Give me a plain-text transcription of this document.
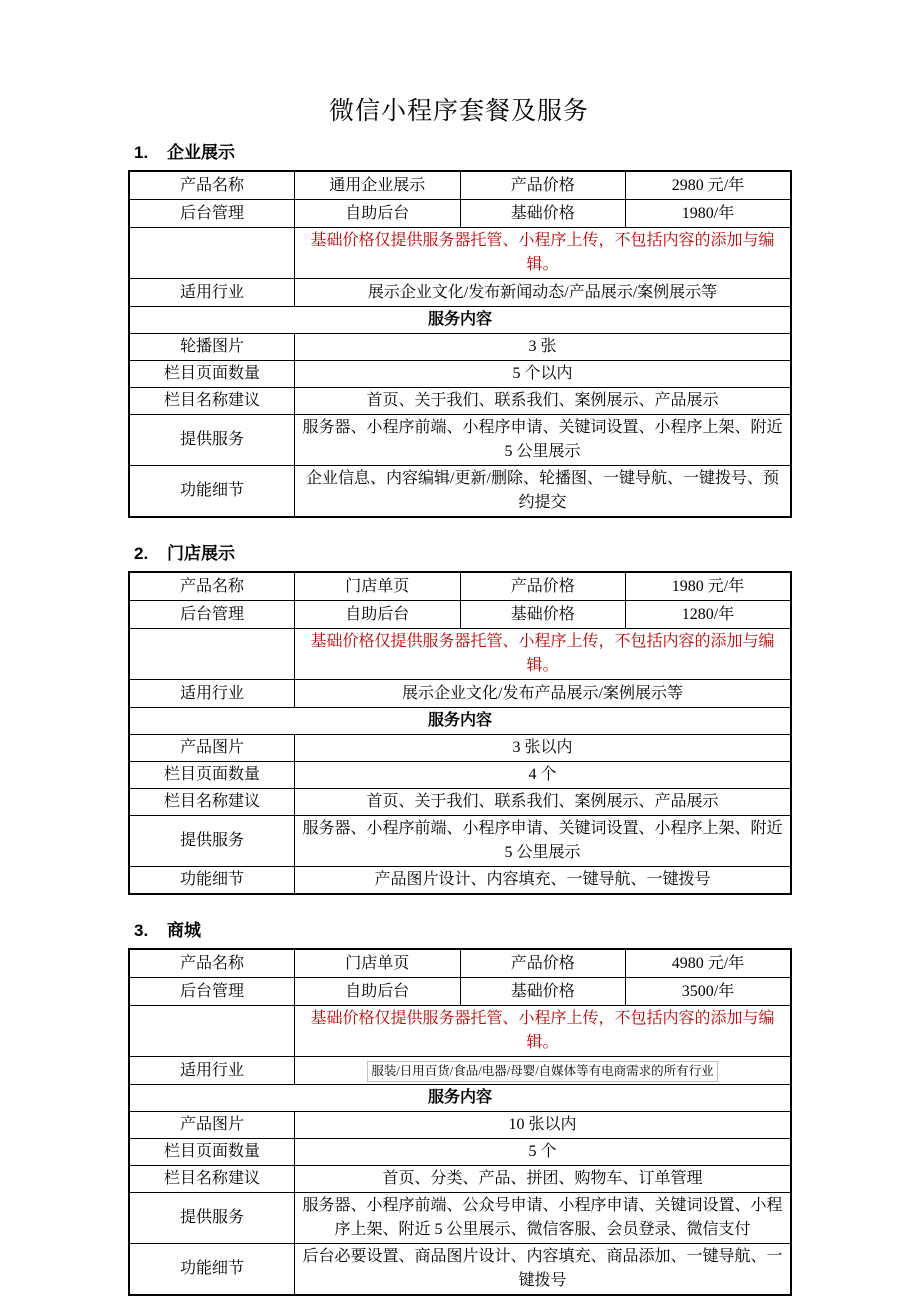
微信小程序套餐及服务
1.	企业展示
产品名称	通用企业展示	产品价格	2980 元/年
后台管理	自助后台	基础价格	1980/年
	基础价格仅提供服务器托管、小程序上传，不包括内容的添加与编辑。		
适用行业	展示企业文化/发布新闻动态/产品展示/案例展示等		
服务内容			
轮播图片	3 张		
栏目页面数量	5 个以内		
栏目名称建议	首页、关于我们、联系我们、案例展示、产品展示		
提供服务	服务器、小程序前端、小程序申请、关键词设置、小程序上架、附近 5 公里展示		
功能细节	企业信息、内容编辑/更新/删除、轮播图、一键导航、一键拨号、预约提交		
2.	门店展示
产品名称	门店单页	产品价格	1980 元/年
后台管理	自助后台	基础价格	1280/年
	基础价格仅提供服务器托管、小程序上传，不包括内容的添加与编辑。		
适用行业	展示企业文化/发布产品展示/案例展示等		
服务内容			
产品图片	3 张以内		
栏目页面数量	4 个		
栏目名称建议	首页、关于我们、联系我们、案例展示、产品展示		
提供服务	服务器、小程序前端、小程序申请、关键词设置、小程序上架、附近 5 公里展示		
功能细节	产品图片设计、内容填充、一键导航、一键拨号		
3.	商城
产品名称	门店单页	产品价格	4980 元/年
后台管理	自助后台	基础价格	3500/年
	基础价格仅提供服务器托管、小程序上传，不包括内容的添加与编辑。		
适用行业	服装/日用百货/食品/电器/母婴/自媒体等有电商需求的所有行业		
服务内容			
产品图片	10 张以内		
栏目页面数量	5 个		
栏目名称建议	首页、分类、产品、拼团、购物车、订单管理		
提供服务	服务器、小程序前端、公众号申请、小程序申请、关键词设置、小程序上架、附近 5 公里展示、微信客服、会员登录、微信支付		
功能细节	后台必要设置、商品图片设计、内容填充、商品添加、一键导航、一键拨号		
